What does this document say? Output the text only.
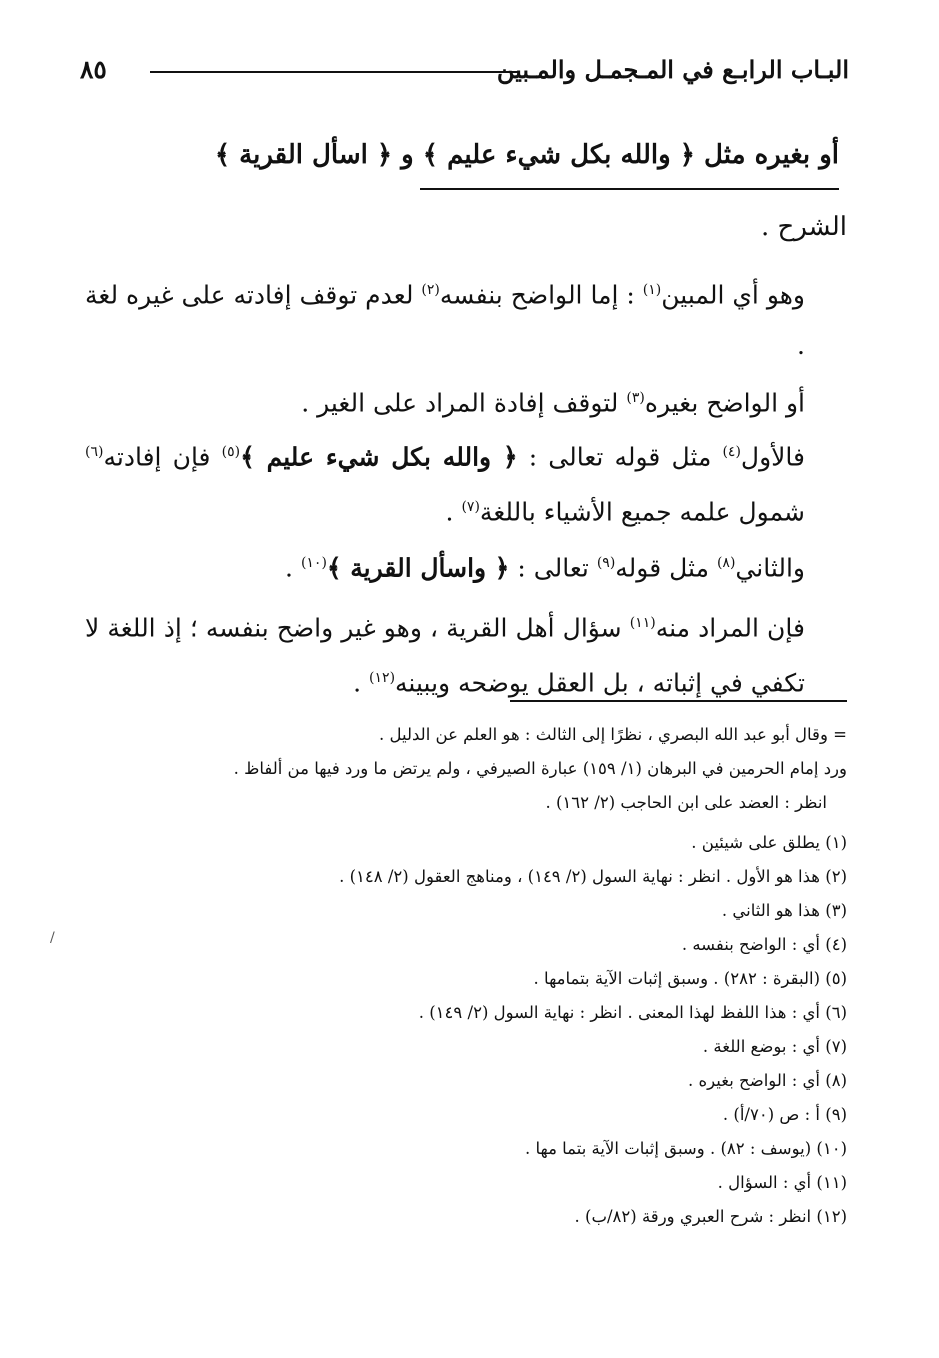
البـاب الرابـع في المـجمـل والمـبين
٨٥
أو بغيره مثل ﴿ والله بكل شيء عليم ﴾ و ﴿ اسأل القرية ﴾
الشرح .
وهو أي المبين$^{(١)}$ : إما الواضح بنفسه$^{(٢)}$ لعدم توقف إفادته على غيره لغة .
أو الواضح بغيره$^{(٣)}$ لتوقف إفادة المراد على الغير .
فالأول$^{(٤)}$ مثل قوله تعالى : ﴿ والله بكل شيء عليم ﴾$^{(٥)}$ فإن إفادته$^{(٦)}$ شمول علمه جميع الأشياء باللغة$^{(٧)}$ .
والثاني$^{(٨)}$ مثل قوله$^{(٩)}$ تعالى : ﴿ واسأل القرية ﴾$^{(١٠)}$ .
فإن المراد منه$^{(١١)}$ سؤال أهل القرية ، وهو غير واضح بنفسه ؛ إذ اللغة لا تكفي في إثباته ، بل العقل يوضحه ويبينه$^{(١٢)}$ .
= وقال أبو عبد الله البصري ، نظرًا إلى الثالث : هو العلم عن الدليل .
ورد إمام الحرمين في البرهان (١/ ١٥٩) عبارة الصيرفي ، ولم يرتض ما ورد فيها من ألفاظ .
انظر : العضد على ابن الحاجب (٢/ ١٦٢) .
(١) يطلق على شيئين .
(٢) هذا هو الأول . انظر : نهاية السول (٢/ ١٤٩) ، ومناهج العقول (٢/ ١٤٨) .
(٣) هذا هو الثاني .
(٤) أي : الواضح بنفسه .
(٥) (البقرة : ٢٨٢) . وسبق إثبات الآية بتمامها .
(٦) أي : هذا اللفظ لهذا المعنى . انظر : نهاية السول (٢/ ١٤٩) .
(٧) أي : بوضع اللغة .
(٨) أي : الواضح بغيره .
(٩) أ : ص (٧٠/أ) .
(١٠) (يوسف : ٨٢) . وسبق إثبات الآية بتما مها .
(١١) أي : السؤال .
(١٢) انظر : شرح العبري ورقة (٨٢/ب) .
/
